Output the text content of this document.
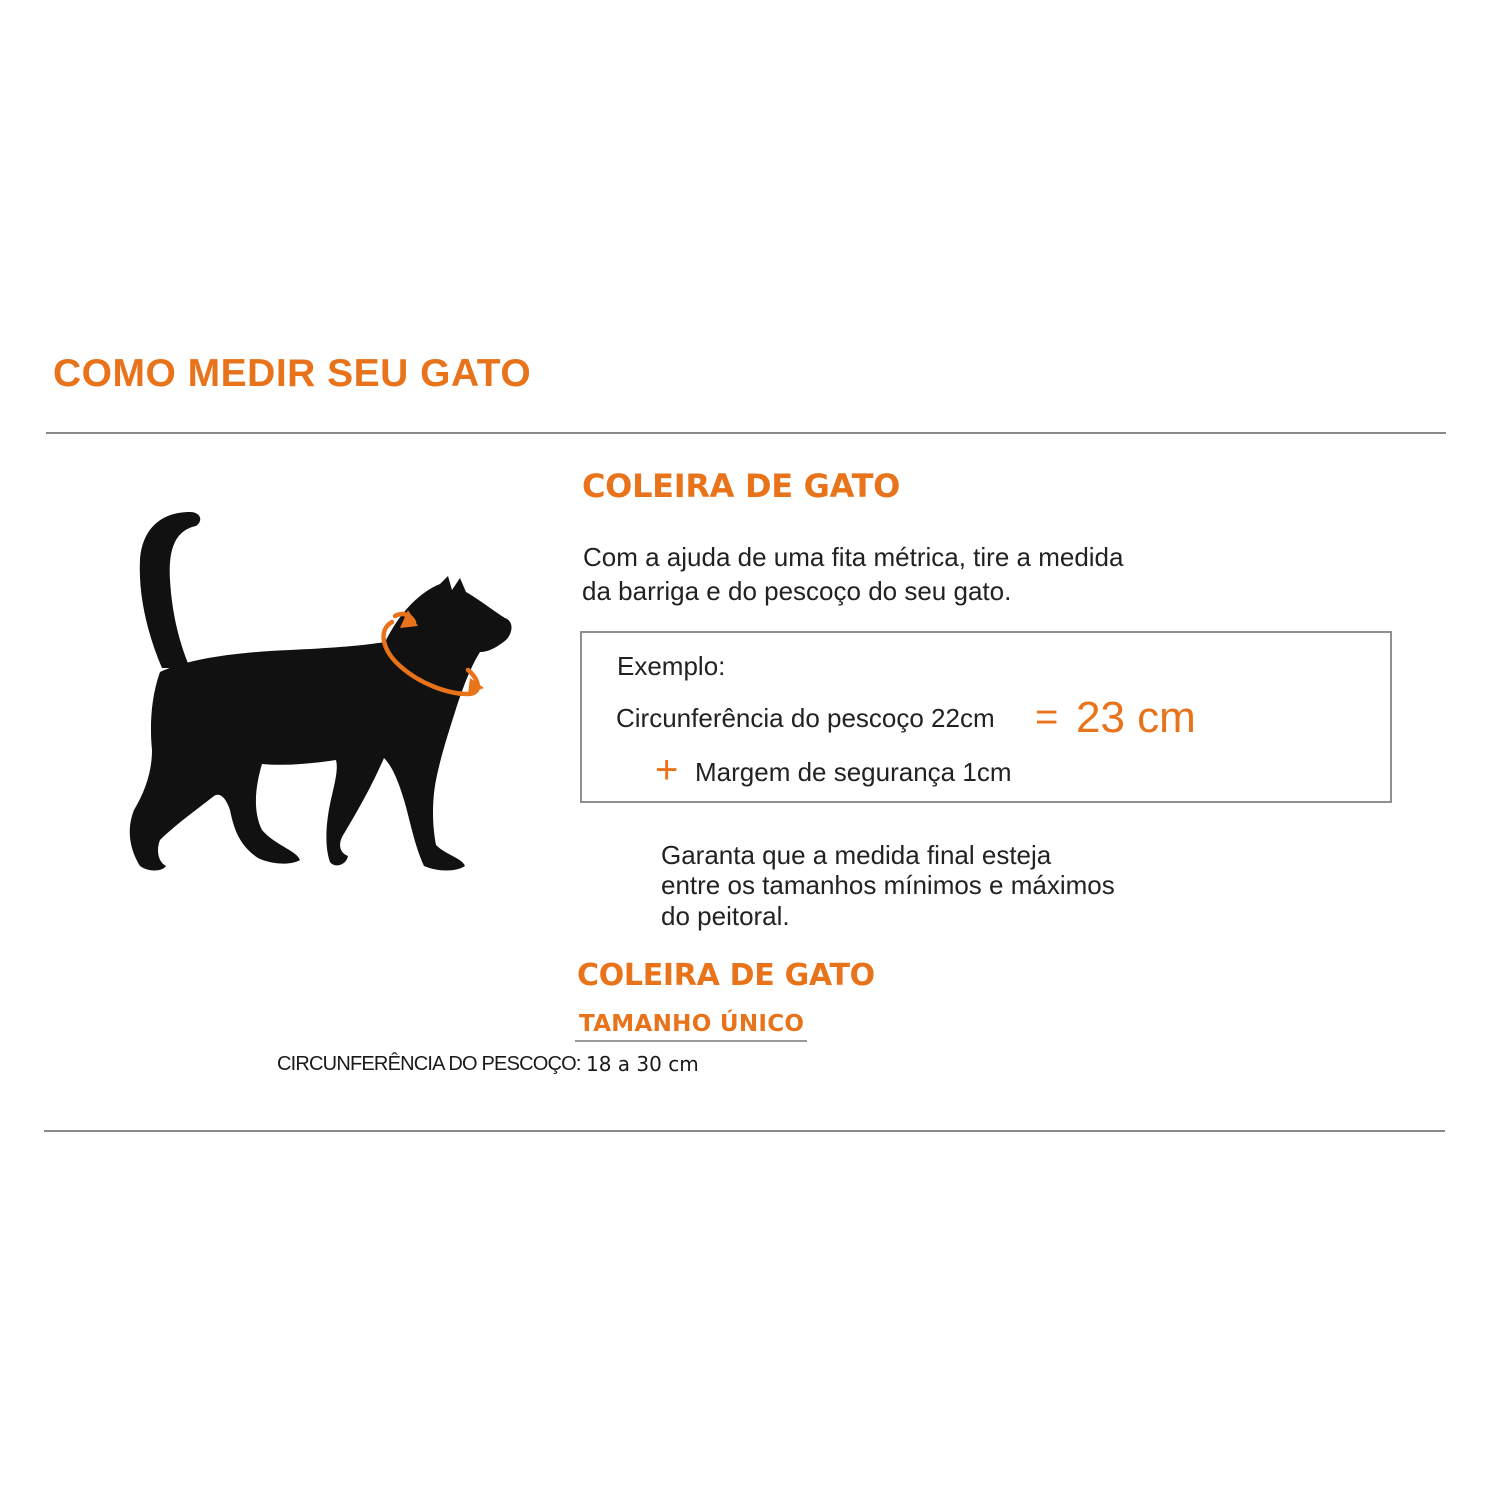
COMO MEDIR SEU GATO
COLEIRA DE GATO
Com a ajuda de uma fita métrica, tire a medida
da barriga e do pescoço do seu gato.
Exemplo:
Circunferência do pescoço 22cm = 23 cm
+ Margem de segurança 1cm
Garanta que a medida final esteja
entre os tamanhos mínimos e máximos
do peitoral.
COLEIRA DE GATO
TAMANHO ÚNICO
CIRCUNFERÊNCIA DO PESCOÇO: 18 a 30 cm
